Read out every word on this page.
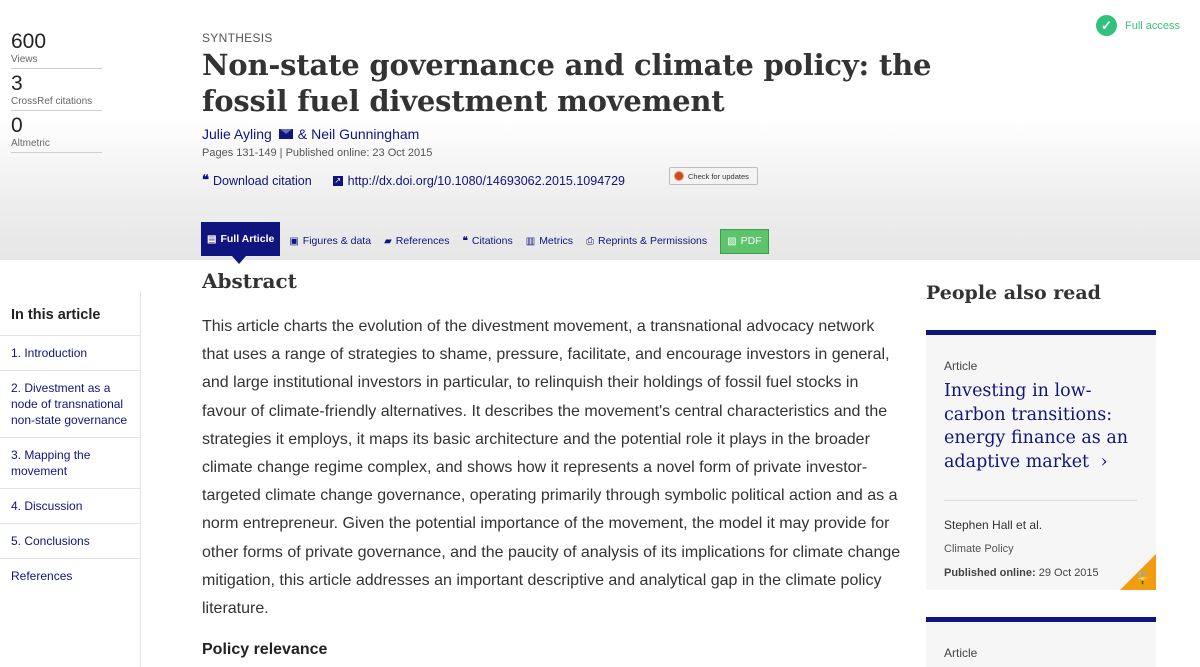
600
Views
3
CrossRef citations
0
Altmetric
✓	Full access
SYNTHESIS
Non-state governance and climate policy: the fossil fuel divestment movement
Julie Ayling & Neil Gunningham
Pages 131-149 | Published online: 23 Oct 2015
❝ Download citation	↗ http://dx.doi.org/10.1080/14693062.2015.1094729	Check for updates
▤ Full Article ▣ Figures & data ▰ References ❝ Citations ▥ Metrics ⎙ Reprints & Permissions ▧ PDF
In this article
1. Introduction
2. Divestment as a node of transnational non-state governance
3. Mapping the movement
4. Discussion
5. Conclusions
References
Abstract

This article charts the evolution of the divestment movement, a transnational advocacy network that uses a range of strategies to shame, pressure, facilitate, and encourage investors in general, and large institutional investors in particular, to relinquish their holdings of fossil fuel stocks in favour of climate-friendly alternatives. It describes the movement's central characteristics and the strategies it employs, it maps its basic architecture and the potential role it plays in the broader climate change regime complex, and shows how it represents a novel form of private investor-targeted climate change governance, operating primarily through symbolic political action and as a norm entrepreneur. Given the potential importance of the movement, the model it may provide for other forms of private governance, and the paucity of analysis of its implications for climate change mitigation, this article addresses an important descriptive and analytical gap in the climate policy literature.

Policy relevance
People also read
Article
Investing in low-carbon transitions: energy finance as an adaptive market ›
Stephen Hall et al.
Climate Policy
Published online: 29 Oct 2015	🔓
Article
